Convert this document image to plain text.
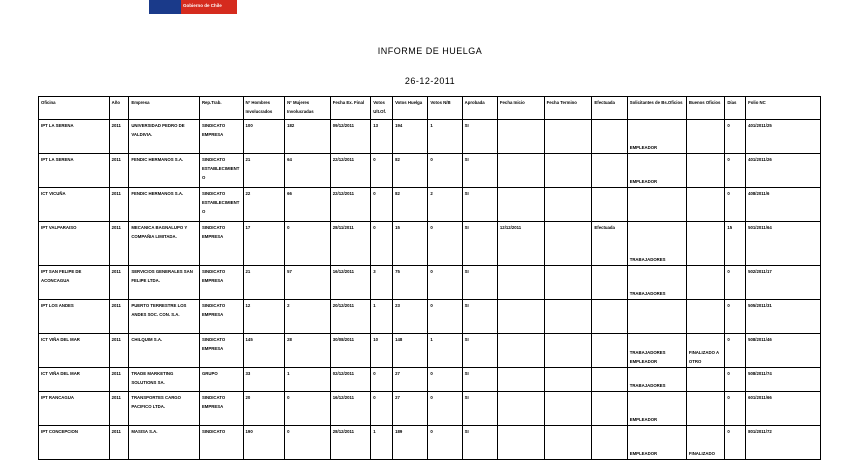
Gobierno de Chile
INFORME DE HUELGA
26-12-2011
Oficina	Año	Empresa	Rep.Trab.	Nº Hombres Involucrados	Nº Mujeres Involucradas	Fecha Ex. Final	Votos Ult.Of.	Votos Huelga	Votos N/B	Aprobada	Fecha Inicio	Fecha Termino	Efectuada	Solicitantes de Bs.Oficios	Buenos Oficios	Días	Folio NC
IPT LA SERENA	2011	UNIVERSIDAD PEDRO DE VALDIVIA.	SINDICATO EMPRESA	100	182	09/12/2011	13	194	1	SI				EMPLEADOR		0	401/2011/25
IPT LA SERENA	2011	FENDIC HERMANOS S.A.	SINDICATO ESTABLECIMIENTO	21	64	22/12/2011	0	82	0	SI				EMPLEADOR		0	401/2011/26
ICT VICUÑA	2011	FENDIC HERMANOS S.A.	SINDICATO ESTABLECIMIENTO	22	66	22/12/2011	0	82	2	SI						0	408/2011/6
IPT VALPARAISO	2011	MECANICA BAGNALUPO Y COMPAÑIA LIMITADA.	SINDICATO EMPRESA	17	0	28/11/2011	0	15	0	SI	12/12/2011		Efectuada	TRABAJADORES		15	501/2011/64
IPT SAN FELIPE DE ACONCAGUA	2011	SERVICIOS GENERALES SAN FELIPE LTDA.	SINDICATO EMPRESA	21	57	16/12/2011	3	75	0	SI				TRABAJADORES		0	502/2011/17
IPT LOS ANDES	2011	PUERTO TERRESTRE LOS ANDES SOC. CON. S.A.	SINDICATO EMPRESA	12	2	20/12/2011	1	23	0	SI						0	505/2011/31
ICT VIÑA DEL MAR	2011	CHILQUIM S.A.	SINDICATO EMPRESA	145	28	30/08/2011	10	148	1	SI				TRABAJADORES EMPLEADOR	FINALIZADO A OTRO	0	508/2011/46
ICT VIÑA DEL MAR	2011	TRADE MARKETING SOLUTIONS SA.	GRUPO	33	1	02/12/2011	0	27	0	SI				TRABAJADORES		0	508/2011/74
IPT RANCAGUA	2011	TRANSPORTES CARGO PACIFICO LTDA.	SINDICATO EMPRESA	20	0	16/12/2011	0	27	0	SI				EMPLEADOR		0	601/2011/66
IPT CONCEPCION	2011	MASISA S.A.	SINDICATO	190	0	28/12/2011	1	189	0	SI				EMPLEADOR	FINALIZADO	0	801/2011/72
